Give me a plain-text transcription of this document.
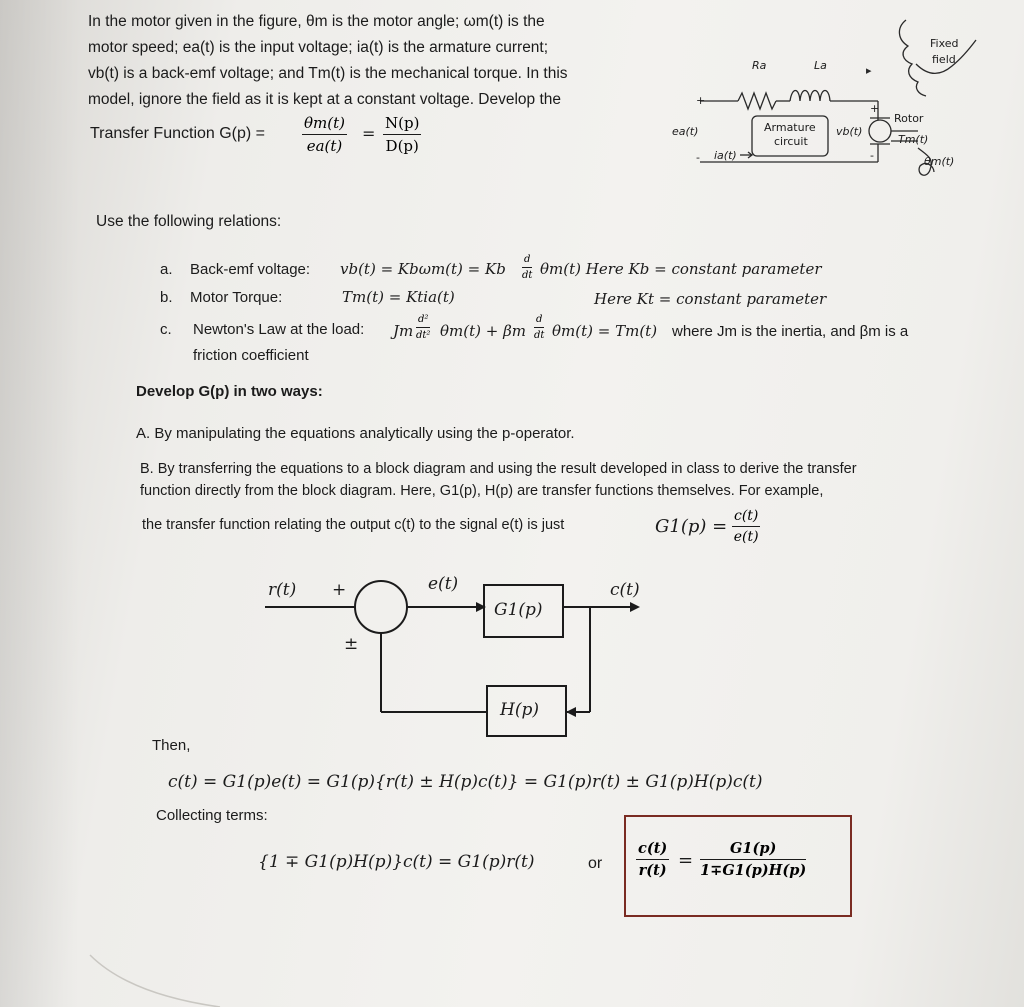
In the motor given in the figure, θm is the motor angle; ωm(t) is the
motor speed; ea(t) is the input voltage; ia(t) is the armature current;
vb(t) is a back-emf voltage; and Tm(t) is the mechanical torque. In this
model, ignore the field as it is kept at a constant voltage. Develop the
Transfer Function $G(p) = \frac{\theta m(t)}{ea(t)} = \frac{N(p)}{D(p)}$
▸
Ra	La
+
+
-	-
ea(t)
ia(t)
Armature
circuit
vb(t)
Rotor
Tm(t)
θm(t)
Fixed
field
Use the following relations:
a. Back-emf voltage: vb(t) = Kbωm(t) = Kb $\frac{d}{dt} \theta m(t)$ Here Kb = constant parameter
b. Motor Torque:	Tm(t) = Ktia(t)	Here Kt = constant parameter
c. Newton's Law at the load: Jm $\frac{\text{d²}}{\text{dt²}} \theta m(t) + \beta m \frac{d}{dt} \theta m(t) = Tm(t)$ where Jm is the inertia, and βm is a
friction coefficient
Develop G(p) in two ways:
A. By manipulating the equations analytically using the p-operator.
B. By transferring the equations to a block diagram and using the result developed in class to derive the transfer
function directly from the block diagram. Here, G1(p), H(p) are transfer functions themselves. For example,
the transfer function relating the output c(t) to the signal e(t) is just	$G1(p) = \frac{c(t)}{e(t)}$
r(t) +
±
e(t)	c(t)
G1(p)
H(p)
Then,
c(t) = G1(p)e(t) = G1(p){r(t) ± H(p)c(t)} = G1(p)r(t) ± G1(p)H(p)c(t)
Collecting terms:
{1 ∓ G1(p)H(p)}c(t) = G1(p)r(t)	or $\frac{c(t)}{r(t)} = \frac{G1(p)}{1\mp G1(p)H(p)}$
